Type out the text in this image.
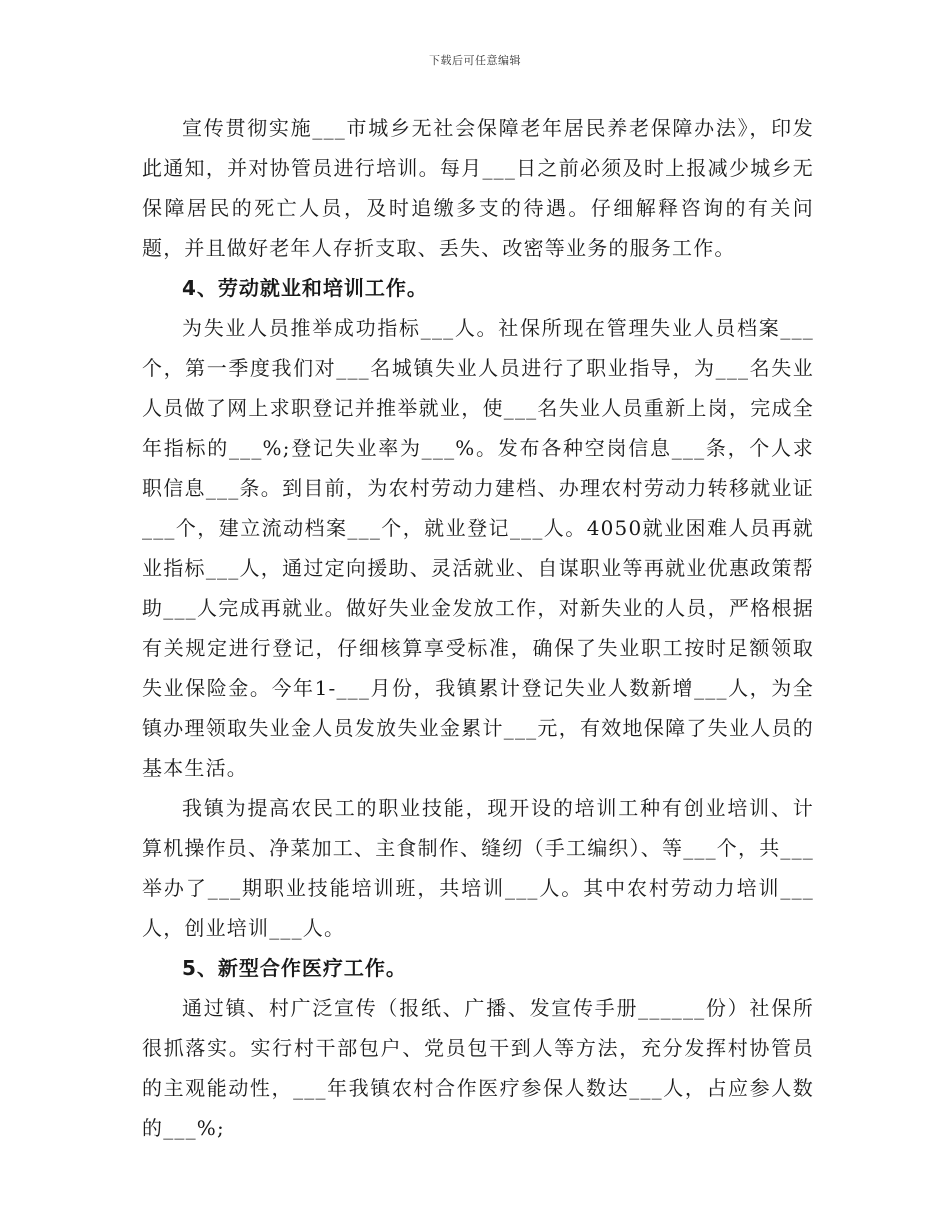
下载后可任意编辑

宣传贯彻实施___市城乡无社会保障老年居民养老保障办法》，印发此通知，并对协管员进行培训。每月___日之前必须及时上报减少城乡无保障居民的死亡人员，及时追缴多支的待遇。仔细解释咨询的有关问题，并且做好老年人存折支取、丢失、改密等业务的服务工作。

4、劳动就业和培训工作。

为失业人员推举成功指标___人。社保所现在管理失业人员档案___个，第一季度我们对___名城镇失业人员进行了职业指导，为___名失业人员做了网上求职登记并推举就业，使___名失业人员重新上岗，完成全年指标的___%;登记失业率为___%。发布各种空岗信息___条，个人求职信息___条。到目前，为农村劳动力建档、办理农村劳动力转移就业证___个，建立流动档案___个，就业登记___人。4050就业困难人员再就业指标___人，通过定向援助、灵活就业、自谋职业等再就业优惠政策帮助___人完成再就业。做好失业金发放工作，对新失业的人员，严格根据有关规定进行登记，仔细核算享受标准，确保了失业职工按时足额领取失业保险金。今年1-___月份，我镇累计登记失业人数新增___人，为全镇办理领取失业金人员发放失业金累计___元，有效地保障了失业人员的基本生活。

我镇为提高农民工的职业技能，现开设的培训工种有创业培训、计算机操作员、净菜加工、主食制作、缝纫（手工编织）、等___个，共___举办了___期职业技能培训班，共培训___人。其中农村劳动力培训___人，创业培训___人。

5、新型合作医疗工作。

通过镇、村广泛宣传（报纸、广播、发宣传手册______份）社保所很抓落实。实行村干部包户、党员包干到人等方法，充分发挥村协管员的主观能动性，___年我镇农村合作医疗参保人数达___人，占应参人数的___%;
